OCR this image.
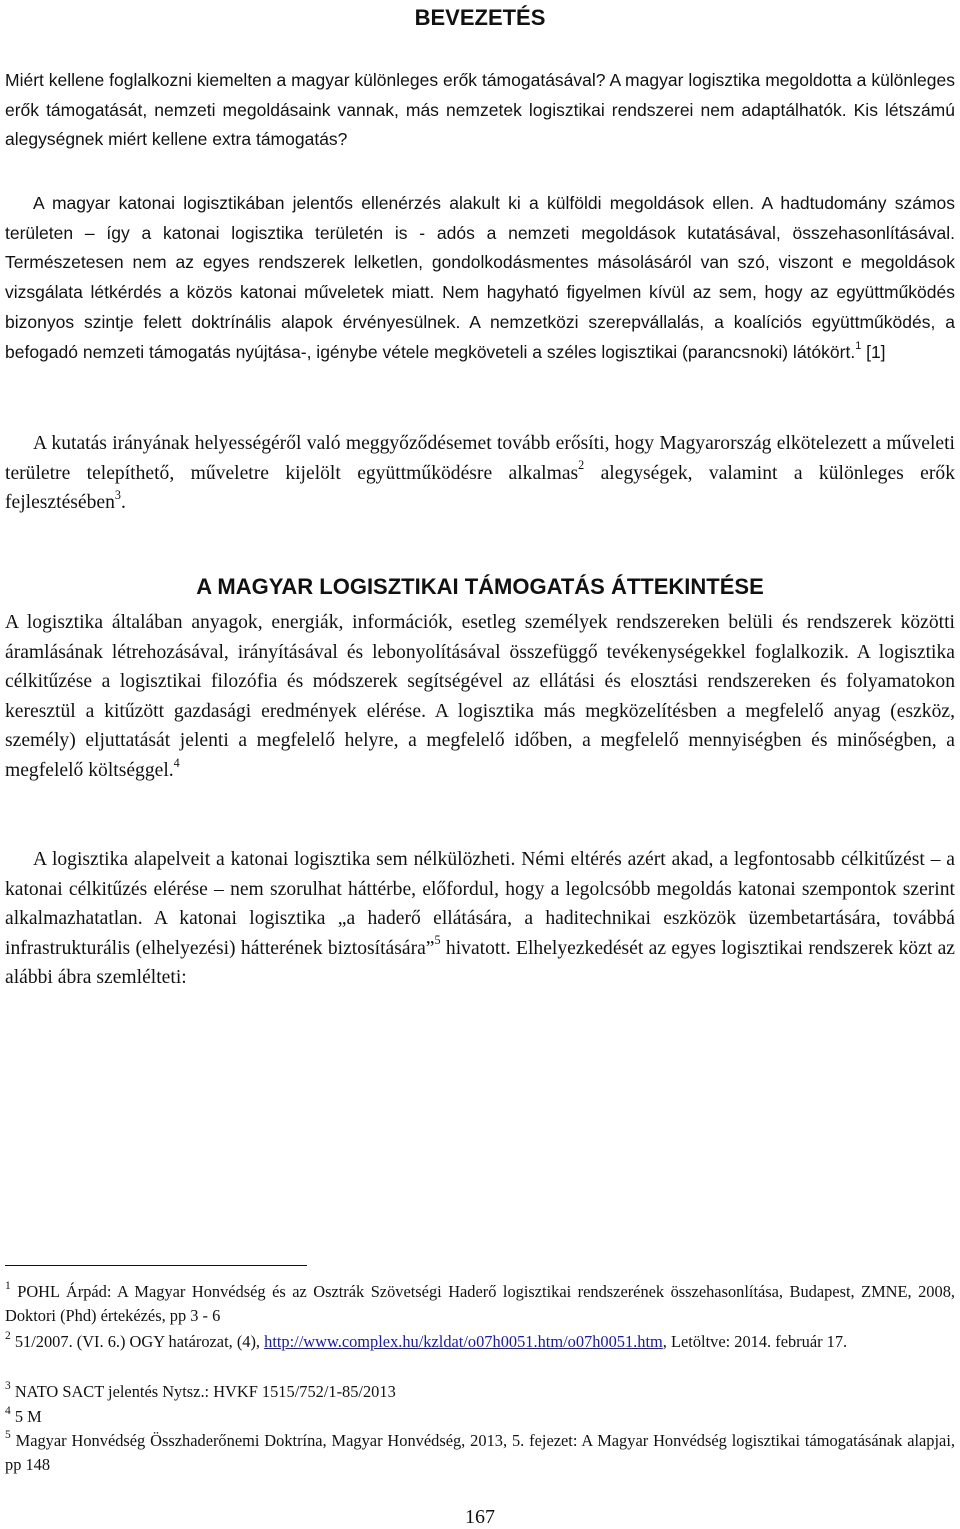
BEVEZETÉS

Miért kellene foglalkozni kiemelten a magyar különleges erők támogatásával? A magyar logisztika megoldotta a különleges erők támogatását, nemzeti megoldásaink vannak, más nemzetek logisztikai rendszerei nem adaptálhatók. Kis létszámú alegységnek miért kellene extra támogatás?

A magyar katonai logisztikában jelentős ellenérzés alakult ki a külföldi megoldások ellen. A hadtudomány számos területen – így a katonai logisztika területén is - adós a nemzeti megoldások kutatásával, összehasonlításával. Természetesen nem az egyes rendszerek lelketlen, gondolkodásmentes másolásáról van szó, viszont e megoldások vizsgálata létkérdés a közös katonai műveletek miatt. Nem hagyható figyelmen kívül az sem, hogy az együttműködés bizonyos szintje felett doktrínális alapok érvényesülnek. A nemzetközi szerepvállalás, a koalíciós együttműködés, a befogadó nemzeti támogatás nyújtása-, igénybe vétele megköveteli a széles logisztikai (parancsnoki) látókört.$^1$ [1]

A kutatás irányának helyességéről való meggyőződésemet tovább erősíti, hogy Magyarország elkötelezett a műveleti területre telepíthető, műveletre kijelölt együttműködésre alkalmas$^2$ alegységek, valamint a különleges erők fejlesztésében$^3$.

A MAGYAR LOGISZTIKAI TÁMOGATÁS ÁTTEKINTÉSE

A logisztika általában anyagok, energiák, információk, esetleg személyek rendszereken belüli és rendszerek közötti áramlásának létrehozásával, irányításával és lebonyolításával összefüggő tevékenységekkel foglalkozik. A logisztika célkitűzése a logisztikai filozófia és módszerek segítségével az ellátási és elosztási rendszereken és folyamatokon keresztül a kitűzött gazdasági eredmények elérése. A logisztika más megközelítésben a megfelelő anyag (eszköz, személy) eljuttatását jelenti a megfelelő helyre, a megfelelő időben, a megfelelő mennyiségben és minőségben, a megfelelő költséggel.$^4$

A logisztika alapelveit a katonai logisztika sem nélkülözheti. Némi eltérés azért akad, a legfontosabb célkitűzést – a katonai célkitűzés elérése – nem szorulhat háttérbe, előfordul, hogy a legolcsóbb megoldás katonai szempontok szerint alkalmazhatatlan. A katonai logisztika „a haderő ellátására, a haditechnikai eszközök üzembetartására, továbbá infrastrukturális (elhelyezési) hátterének biztosítására”$^5$ hivatott. Elhelyezkedését az egyes logisztikai rendszerek közt az alábbi ábra szemlélteti:

$^1$ POHL Árpád: A Magyar Honvédség és az Osztrák Szövetségi Haderő logisztikai rendszerének összehasonlítása, Budapest, ZMNE, 2008, Doktori (Phd) értekézés, pp 3 - 6

$^2$ 51/2007. (VI. 6.) OGY határozat, (4), http://www.complex.hu/kzldat/o07h0051.htm/o07h0051.htm, Letöltve: 2014. február 17.

$^3$ NATO SACT jelentés Nytsz.: HVKF 1515/752/1-85/2013

$^4$ 5 M

$^5$ Magyar Honvédség Összhaderőnemi Doktrína, Magyar Honvédség, 2013, 5. fejezet: A Magyar Honvédség logisztikai támogatásának alapjai, pp 148

167
